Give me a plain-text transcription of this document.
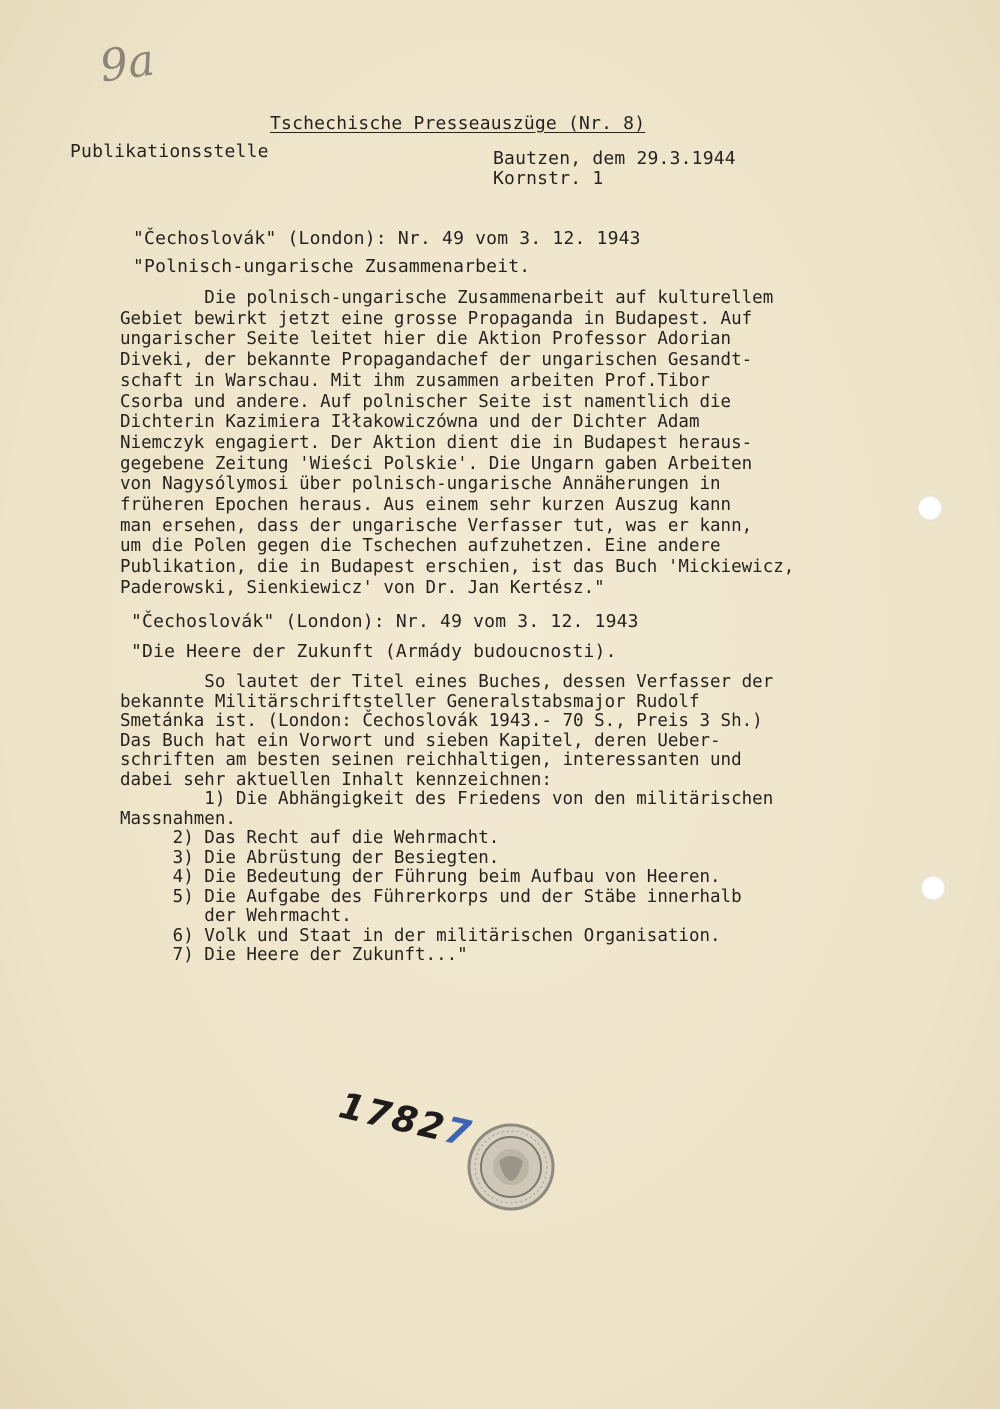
9a
Tschechische Presseauszüge (Nr. 8)
Publikationsstelle	Bautzen, dem 29.3.1944
Kornstr. 1
"Čechoslovák" (London): Nr. 49 vom 3. 12. 1943
"Polnisch-ungarische Zusammenarbeit.
Die polnisch-ungarische Zusammenarbeit auf kulturellem
Gebiet bewirkt jetzt eine grosse Propaganda in Budapest. Auf
ungarischer Seite leitet hier die Aktion Professor Adorian
Diveki, der bekannte Propagandachef der ungarischen Gesandt-
schaft in Warschau. Mit ihm zusammen arbeiten Prof.Tibor
Csorba und andere. Auf polnischer Seite ist namentlich die
Dichterin Kazimiera Iłłakowiczówna und der Dichter Adam
Niemczyk engagiert. Der Aktion dient die in Budapest heraus-
gegebene Zeitung 'Wieści Polskie'. Die Ungarn gaben Arbeiten
von Nagysólymosi über polnisch-ungarische Annäherungen in
früheren Epochen heraus. Aus einem sehr kurzen Auszug kann
man ersehen, dass der ungarische Verfasser tut, was er kann,
um die Polen gegen die Tschechen aufzuhetzen. Eine andere
Publikation, die in Budapest erschien, ist das Buch 'Mickiewicz,
Paderowski, Sienkiewicz' von Dr. Jan Kertész."
"Čechoslovák" (London): Nr. 49 vom 3. 12. 1943
"Die Heere der Zukunft (Armády budoucnosti).
So lautet der Titel eines Buches, dessen Verfasser der
bekannte Militärschriftsteller Generalstabsmajor Rudolf
Smetánka ist. (London: Čechoslovák 1943.- 70 S., Preis 3 Sh.)
Das Buch hat ein Vorwort und sieben Kapitel, deren Ueber-
schriften am besten seinen reichhaltigen, interessanten und
dabei sehr aktuellen Inhalt kennzeichnen:
1) Die Abhängigkeit des Friedens von den militärischen
Massnahmen.
2) Das Recht auf die Wehrmacht.
3) Die Abrüstung der Besiegten.
4) Die Bedeutung der Führung beim Aufbau von Heeren.
5) Die Aufgabe des Führerkorps und der Stäbe innerhalb
der Wehrmacht.
6) Volk und Staat in der militärischen Organisation.
7) Die Heere der Zukunft..."
17827
